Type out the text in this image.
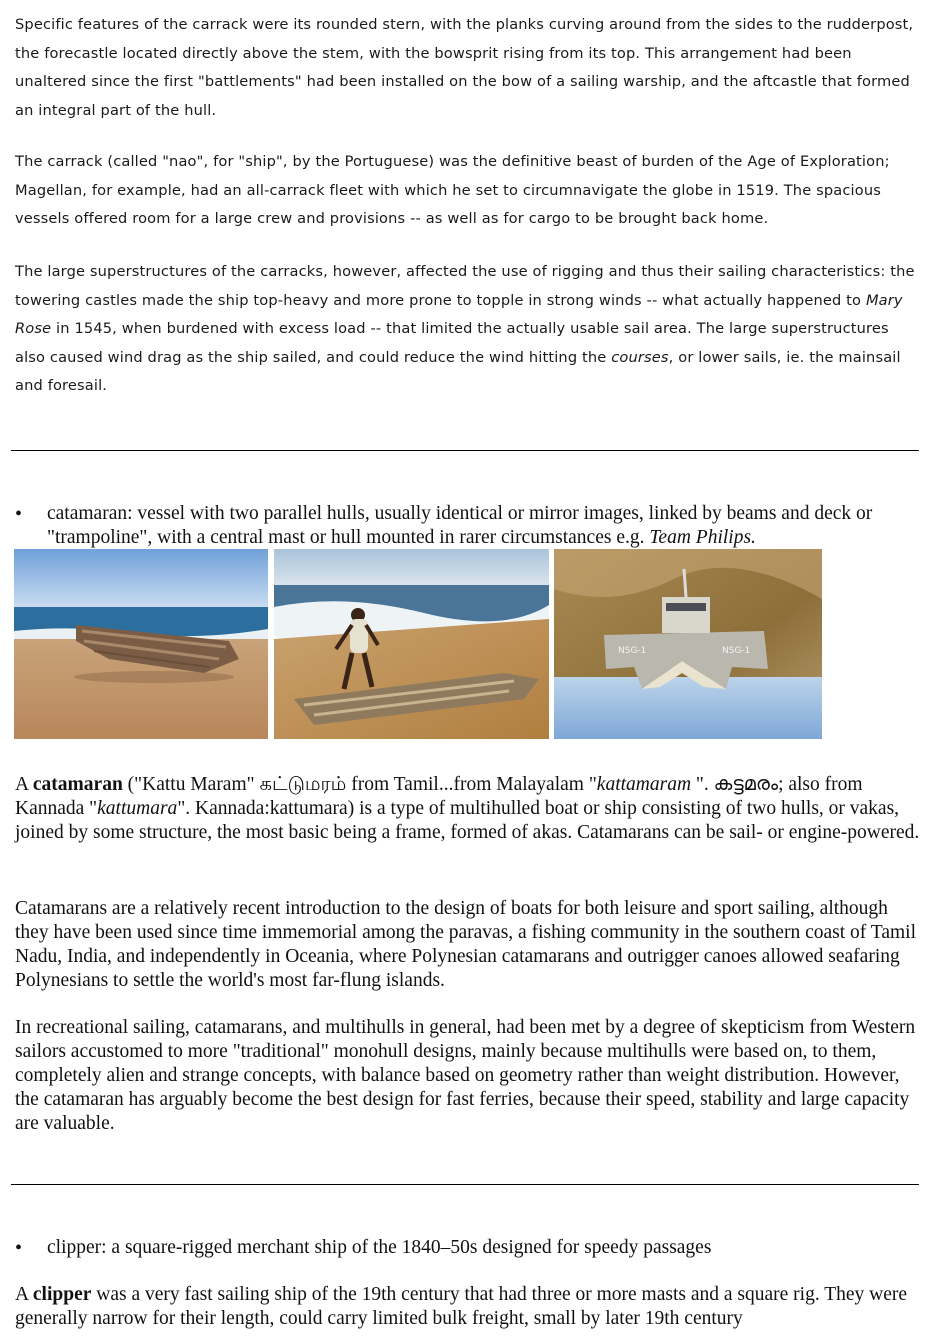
Specific features of the carrack were its rounded stern, with the planks curving around from the sides to the rudderpost, the forecastle located directly above the stem, with the bowsprit rising from its top. This arrangement had been unaltered since the first "battlements" had been installed on the bow of a sailing warship, and the aftcastle that formed an integral part of the hull.

The carrack (called "nao", for "ship", by the Portuguese) was the definitive beast of burden of the Age of Exploration; Magellan, for example, had an all-carrack fleet with which he set to circumnavigate the globe in 1519. The spacious vessels offered room for a large crew and provisions -- as well as for cargo to be brought back home.

The large superstructures of the carracks, however, affected the use of rigging and thus their sailing characteristics: the towering castles made the ship top-heavy and more prone to topple in strong winds -- what actually happened to Mary Rose in 1545, when burdened with excess load -- that limited the actually usable sail area. The large superstructures also caused wind drag as the ship sailed, and could reduce the wind hitting the courses, or lower sails, ie. the mainsail and foresail.

•	catamaran: vessel with two parallel hulls, usually identical or mirror images, linked by beams and deck or "trampoline", with a central mast or hull mounted in rarer circumstances e.g. Team Philips.
NSG-1	NSG-1

A catamaran ("Kattu Maram" கட்டுமரம் from Tamil...from Malayalam "kattamaram ". കട്ടമരം; also from Kannada "kattumara". Kannada:kattumara) is a type of multihulled boat or ship consisting of two hulls, or vakas, joined by some structure, the most basic being a frame, formed of akas. Catamarans can be sail- or engine-powered.

Catamarans are a relatively recent introduction to the design of boats for both leisure and sport sailing, although they have been used since time immemorial among the paravas, a fishing community in the southern coast of Tamil Nadu, India, and independently in Oceania, where Polynesian catamarans and outrigger canoes allowed seafaring Polynesians to settle the world's most far-flung islands.

In recreational sailing, catamarans, and multihulls in general, had been met by a degree of skepticism from Western sailors accustomed to more "traditional" monohull designs, mainly because multihulls were based on, to them, completely alien and strange concepts, with balance based on geometry rather than weight distribution. However, the catamaran has arguably become the best design for fast ferries, because their speed, stability and large capacity are valuable.

•	clipper: a square-rigged merchant ship of the 1840–50s designed for speedy passages

A clipper was a very fast sailing ship of the 19th century that had three or more masts and a square rig. They were generally narrow for their length, could carry limited bulk freight, small by later 19th century
